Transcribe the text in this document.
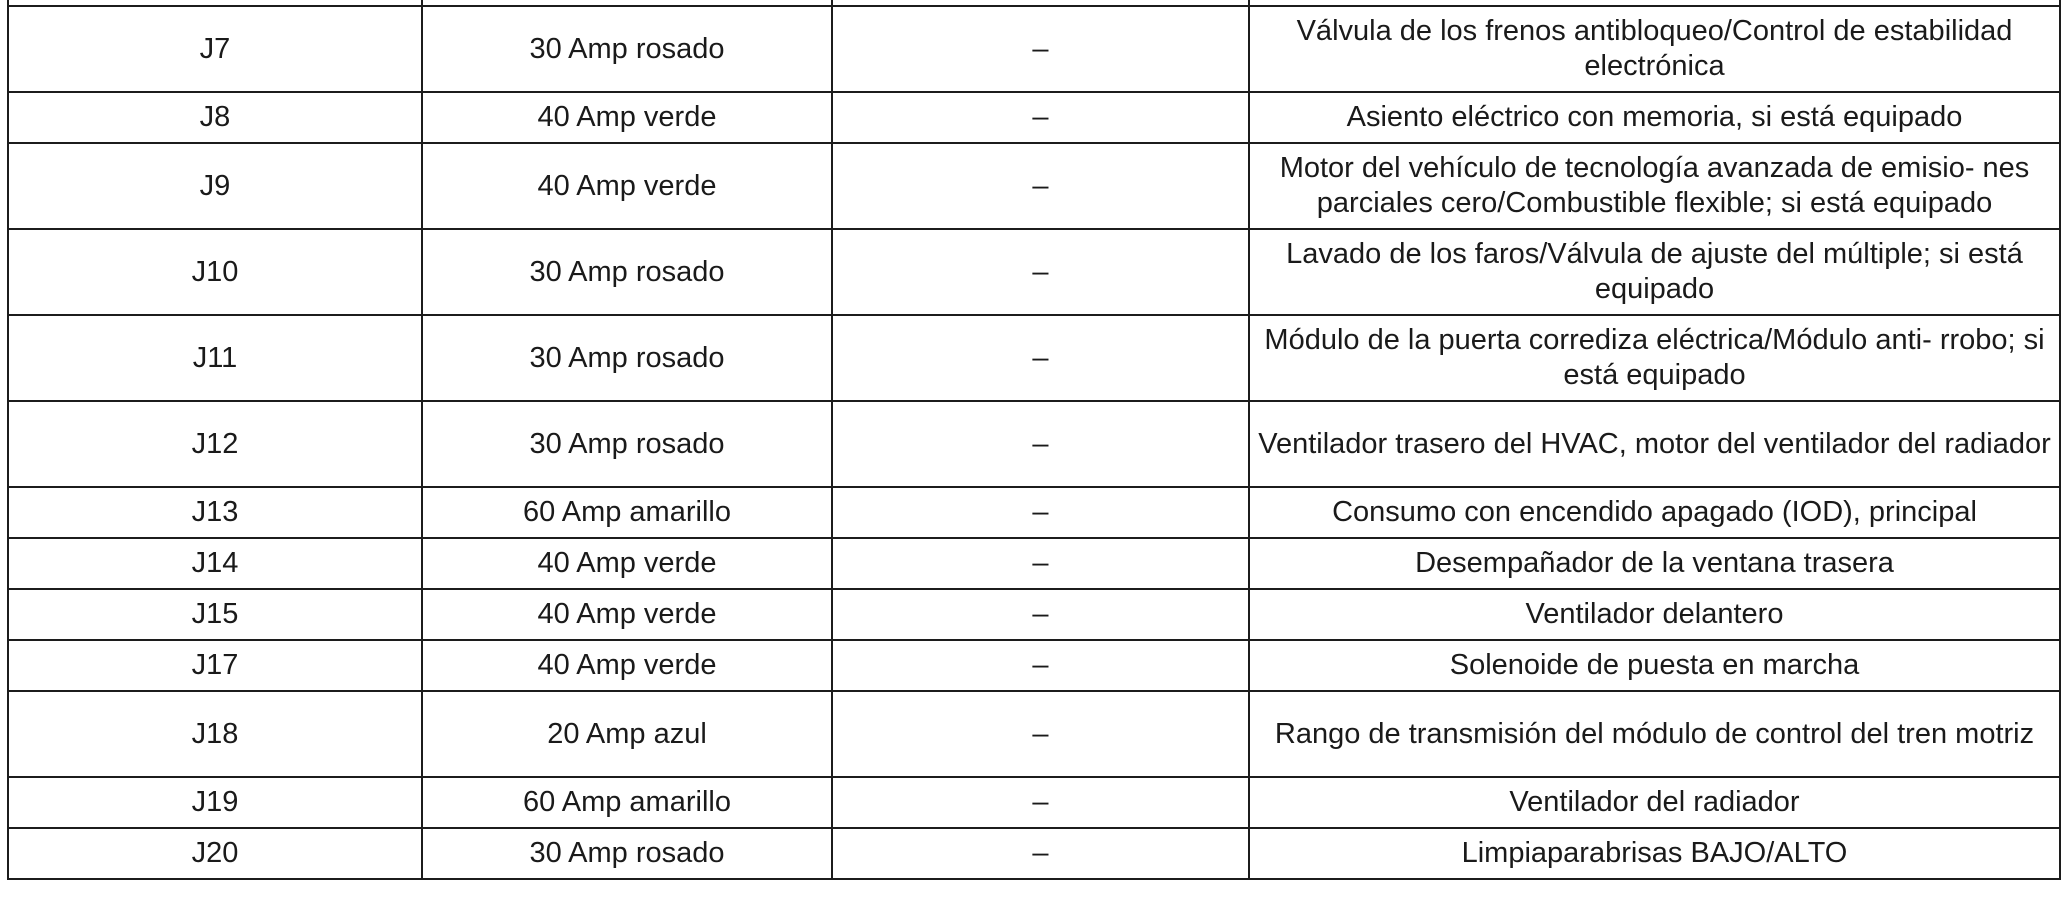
J7	30 Amp rosado	–	Válvula de los frenos antibloqueo/Control de estabilidad electrónica
J8	40 Amp verde	–	Asiento eléctrico con memoria, si está equipado
J9	40 Amp verde	–	Motor del vehículo de tecnología avanzada de emisio- nes parciales cero/Combustible flexible; si está equipado
J10	30 Amp rosado	–	Lavado de los faros/Válvula de ajuste del múltiple; si está equipado
J11	30 Amp rosado	–	Módulo de la puerta corrediza eléctrica/Módulo anti- rrobo; si está equipado
J12	30 Amp rosado	–	Ventilador trasero del HVAC, motor del ventilador del radiador
J13	60 Amp amarillo	–	Consumo con encendido apagado (IOD), principal
J14	40 Amp verde	–	Desempañador de la ventana trasera
J15	40 Amp verde	–	Ventilador delantero
J17	40 Amp verde	–	Solenoide de puesta en marcha
J18	20 Amp azul	–	Rango de transmisión del módulo de control del tren motriz
J19	60 Amp amarillo	–	Ventilador del radiador
J20	30 Amp rosado	–	Limpiaparabrisas BAJO/ALTO
